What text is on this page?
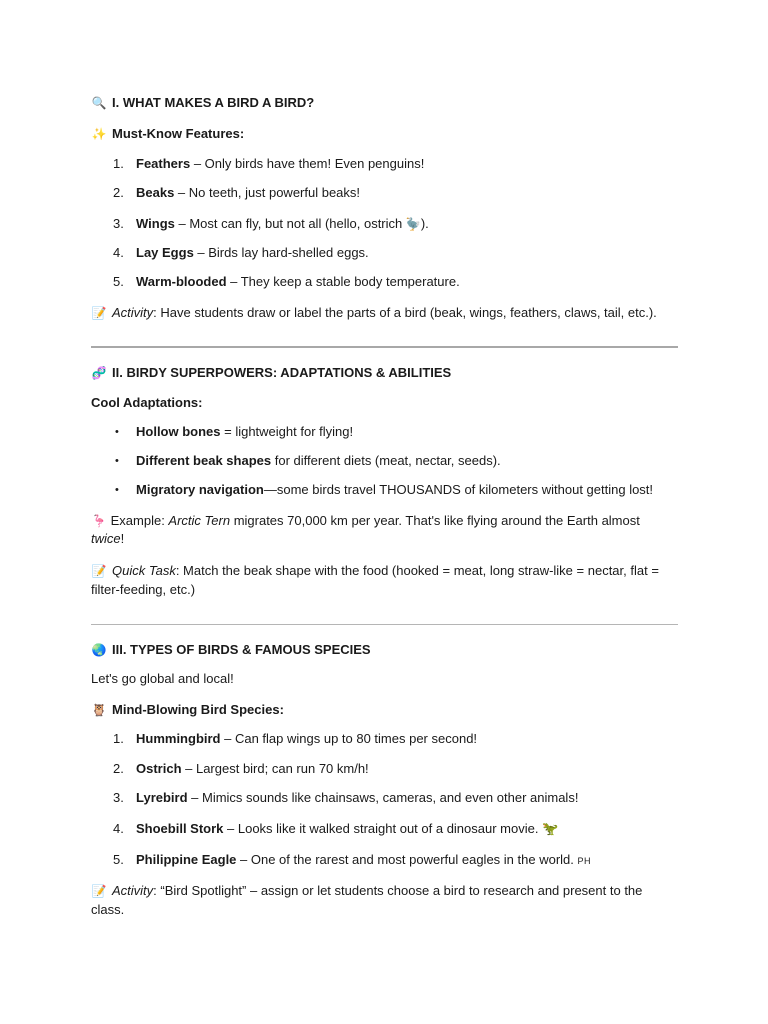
🔍 I. WHAT MAKES A BIRD A BIRD?
✨ Must-Know Features:
1. Feathers – Only birds have them! Even penguins!
2. Beaks – No teeth, just powerful beaks!
3. Wings – Most can fly, but not all (hello, ostrich 🦤).
4. Lay Eggs – Birds lay hard-shelled eggs.
5. Warm-blooded – They keep a stable body temperature.
📝 Activity: Have students draw or label the parts of a bird (beak, wings, feathers, claws, tail, etc.).
🧬 II. BIRDY SUPERPOWERS: ADAPTATIONS & ABILITIES
Cool Adaptations:
• Hollow bones = lightweight for flying!
• Different beak shapes for different diets (meat, nectar, seeds).
• Migratory navigation—some birds travel THOUSANDS of kilometers without getting lost!
🦩 Example: Arctic Tern migrates 70,000 km per year. That's like flying around the Earth almost
twice!
📝 Quick Task: Match the beak shape with the food (hooked = meat, long straw-like = nectar, flat =
filter-feeding, etc.)
🌏 III. TYPES OF BIRDS & FAMOUS SPECIES
Let's go global and local!
🦉 Mind-Blowing Bird Species:
1. Hummingbird – Can flap wings up to 80 times per second!
2. Ostrich – Largest bird; can run 70 km/h!
3. Lyrebird – Mimics sounds like chainsaws, cameras, and even other animals!
4. Shoebill Stork – Looks like it walked straight out of a dinosaur movie. 🦖
5. Philippine Eagle – One of the rarest and most powerful eagles in the world. PH
📝 Activity: “Bird Spotlight” – assign or let students choose a bird to research and present to the
class.
